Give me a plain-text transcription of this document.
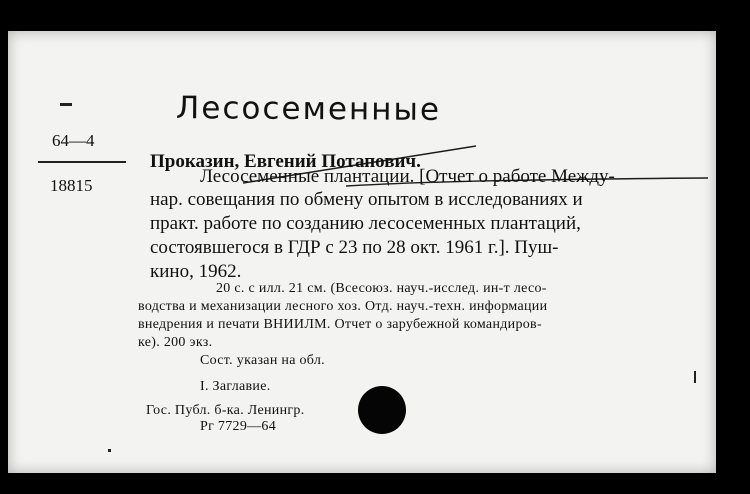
Лесосеменные
64—4
18815
Проказин, Евгений Потапович.
Лесосеменные плантации. [Отчет о работе Между-
нар. совещания по обмену опытом в исследованиях и
практ. работе по созданию лесосеменных плантаций,
состоявшегося в ГДР с 23 по 28 окт. 1961 г.]. Пуш-
кино, 1962.
20 с. с илл. 21 см. (Всесоюз. науч.-исслед. ин-т лесо-
водства и механизации лесного хоз. Отд. науч.-техн. информации
внедрения и печати ВНИИЛМ. Отчет о зарубежной командиров-
ке). 200 экз.
Сост. указан на обл.
I. Заглавие.
Гос. Публ. б-ка. Ленингр.
Рг 7729—64
